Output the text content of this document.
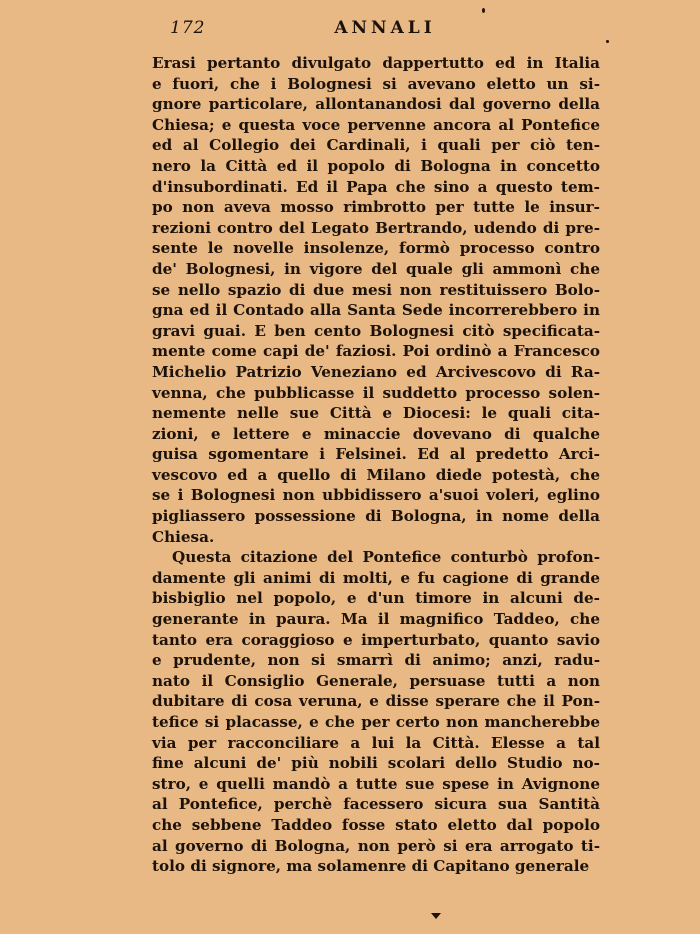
172	ANNALI
Erasi pertanto divulgato dappertutto ed in Italia
e fuori, che i Bolognesi si avevano eletto un si-
gnore particolare, allontanandosi dal governo della
Chiesa; e questa voce pervenne ancora al Pontefice
ed al Collegio dei Cardinali, i quali per ciò ten-
nero la Città ed il popolo di Bologna in concetto
d'insubordinati. Ed il Papa che sino a questo tem-
po non aveva mosso rimbrotto per tutte le insur-
rezioni contro del Legato Bertrando, udendo di pre-
sente le novelle insolenze, formò processo contro
de' Bolognesi, in vigore del quale gli ammonì che
se nello spazio di due mesi non restituissero Bolo-
gna ed il Contado alla Santa Sede incorrerebbero in
gravi guai. E ben cento Bolognesi citò specificata-
mente come capi de' faziosi. Poi ordinò a Francesco
Michelio Patrizio Veneziano ed Arcivescovo di Ra-
venna, che pubblicasse il suddetto processo solen-
nemente nelle sue Città e Diocesi: le quali cita-
zioni, e lettere e minaccie dovevano di qualche
guisa sgomentare i Felsinei. Ed al predetto Arci-
vescovo ed a quello di Milano diede potestà, che
se i Bolognesi non ubbidissero a'suoi voleri, eglino
pigliassero possessione di Bologna, in nome della
Chiesa.
Questa citazione del Pontefice conturbò profon-
damente gli animi di molti, e fu cagione di grande
bisbiglio nel popolo, e d'un timore in alcuni de-
generante in paura. Ma il magnifico Taddeo, che
tanto era coraggioso e imperturbato, quanto savio
e prudente, non si smarrì di animo; anzi, radu-
nato il Consiglio Generale, persuase tutti a non
dubitare di cosa veruna, e disse sperare che il Pon-
tefice si placasse, e che per certo non mancherebbe
via per racconciliare a lui la Città. Elesse a tal
fine alcuni de' più nobili scolari dello Studio no-
stro, e quelli mandò a tutte sue spese in Avignone
al Pontefice, perchè facessero sicura sua Santità
che sebbene Taddeo fosse stato eletto dal popolo
al governo di Bologna, non però si era arrogato ti-
tolo di signore, ma solamenre di Capitano generale
